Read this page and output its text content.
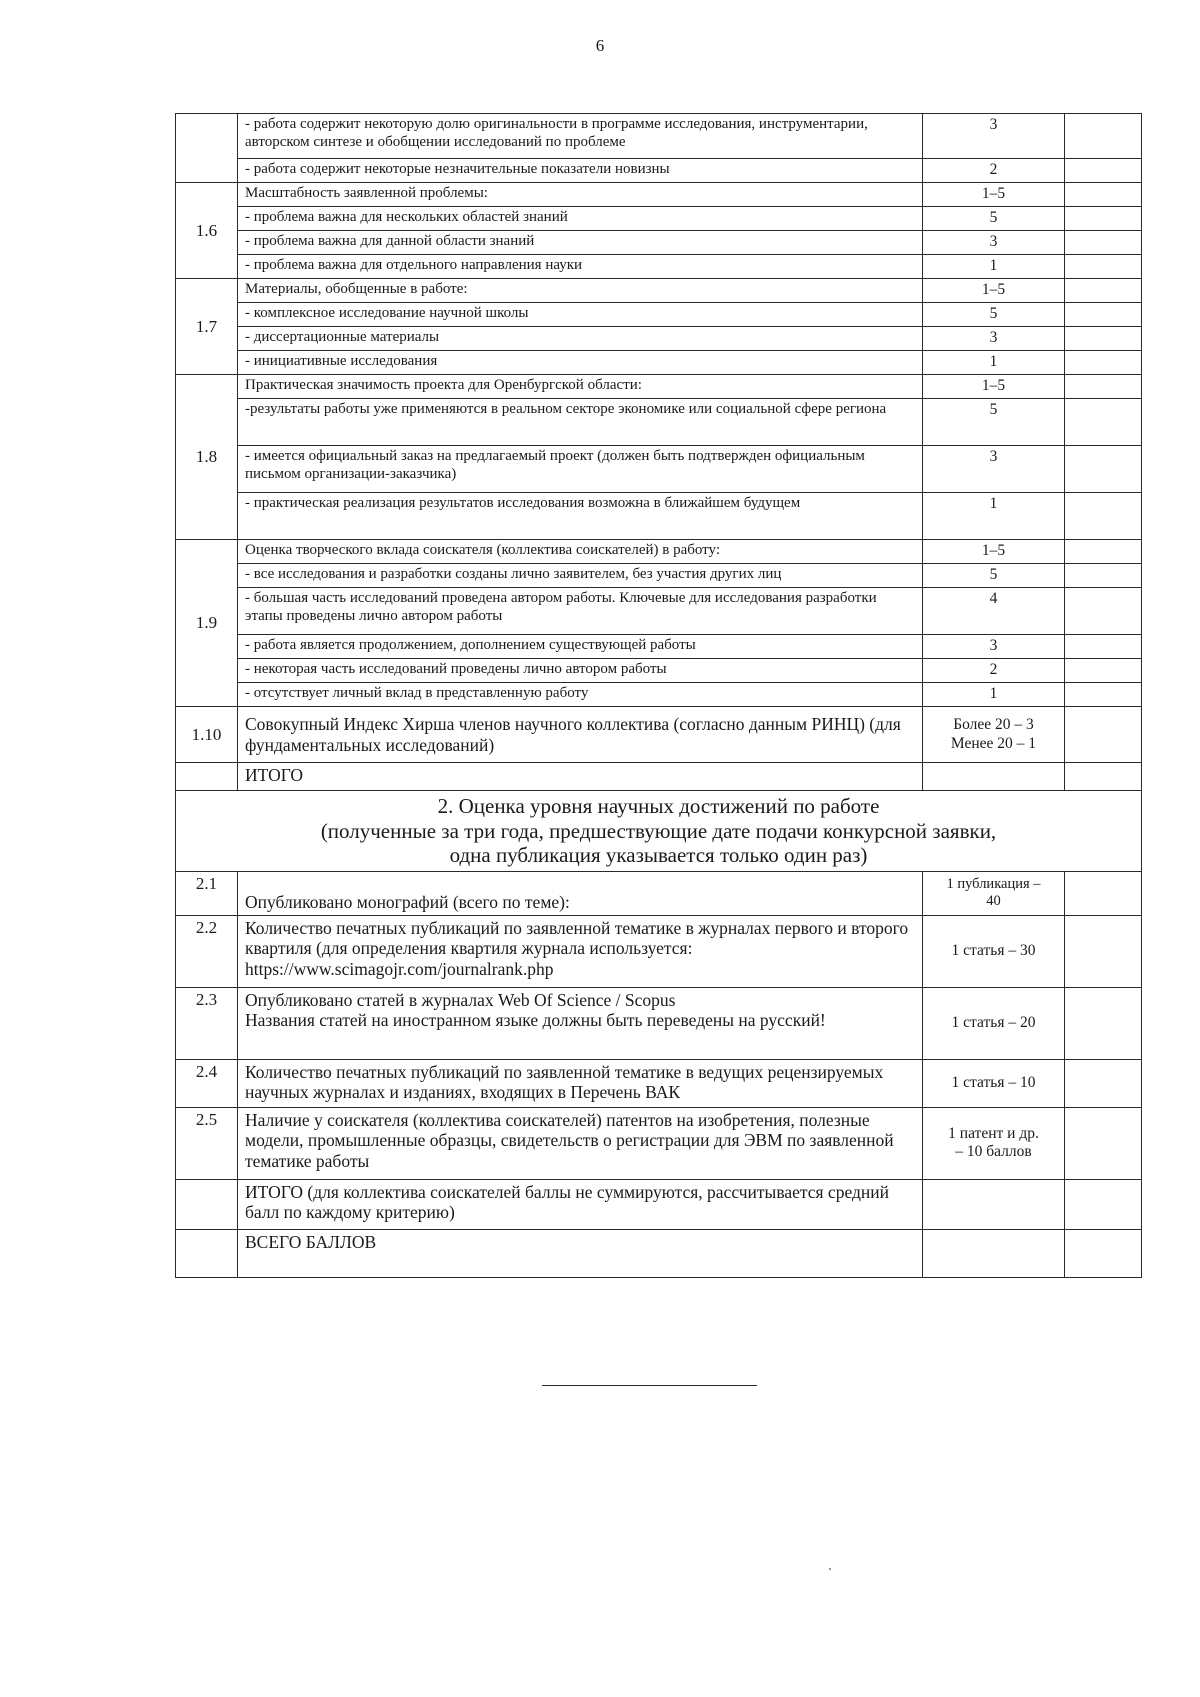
6
	- работа содержит некоторую долю оригинальности в программе исследования, инструментарии, авторском синтезе и обобщении исследований по проблеме	3	
	- работа содержит некоторые незначительные показатели новизны	2	
1.6	Масштабность заявленной проблемы:	1–5	
	- проблема важна для нескольких областей знаний	5	
	- проблема важна для данной области знаний	3	
	- проблема важна для отдельного направления науки	1	
1.7	Материалы, обобщенные в работе:	1–5	
	- комплексное исследование научной школы	5	
	- диссертационные материалы	3	
	- инициативные исследования	1	
1.8	Практическая значимость проекта для Оренбургской области:	1–5	
	-результаты работы уже применяются в реальном секторе экономике или социальной сфере региона	5	
	- имеется официальный заказ на предлагаемый проект (должен быть подтвержден официальным письмом организации-заказчика)	3	
	- практическая реализация результатов исследования возможна в ближайшем будущем	1	
1.9	Оценка творческого вклада соискателя (коллектива соискателей) в работу:	1–5	
	- все исследования и разработки созданы лично заявителем, без участия других лиц	5	
	- большая часть исследований проведена автором работы. Ключевые для исследования разработки этапы проведены лично автором работы	4	
	- работа является продолжением, дополнением существующей работы	3	
	- некоторая часть исследований проведены лично автором работы	2	
	- отсутствует личный вклад в представленную работу	1	
1.10	Совокупный Индекс Хирша членов научного коллектива (согласно данным РИНЦ) (для фундаментальных исследований)	Более 20 – 3
Менее 20 – 1	

	ИТОГО		

2. Оценка уровня научных достижений по работе
(полученные за три года, предшествующие дате подачи конкурсной заявки,
одна публикация указывается только один раз)			

2.1	Опубликовано монографий (всего по теме):	1 публикация –
40	

2.2	Количество печатных публикаций по заявленной тематике в журналах первого и второго квартиля (для определения квартиля журнала используется: https://www.scimagojr.com/journalrank.php	1 статья – 30	
2.3	Опубликовано статей в журналах Web Of Science / Scopus
Названия статей на иностранном языке должны быть переведены на русский!	1 статья – 20	
2.4	Количество печатных публикаций по заявленной тематике в ведущих рецензируемых научных журналах и изданиях, входящих в Перечень ВАК	1 статья – 10	
2.5	Наличие у соискателя (коллектива соискателей) патентов на изобретения, полезные модели, промышленные образцы, свидетельств о регистрации для ЭВМ по заявленной тематике работы	1 патент и др.
– 10 баллов	

	ИТОГО (для коллектива соискателей баллы не суммируются, рассчитывается средний балл по каждому критерию)		
	ВСЕГО БАЛЛОВ		
